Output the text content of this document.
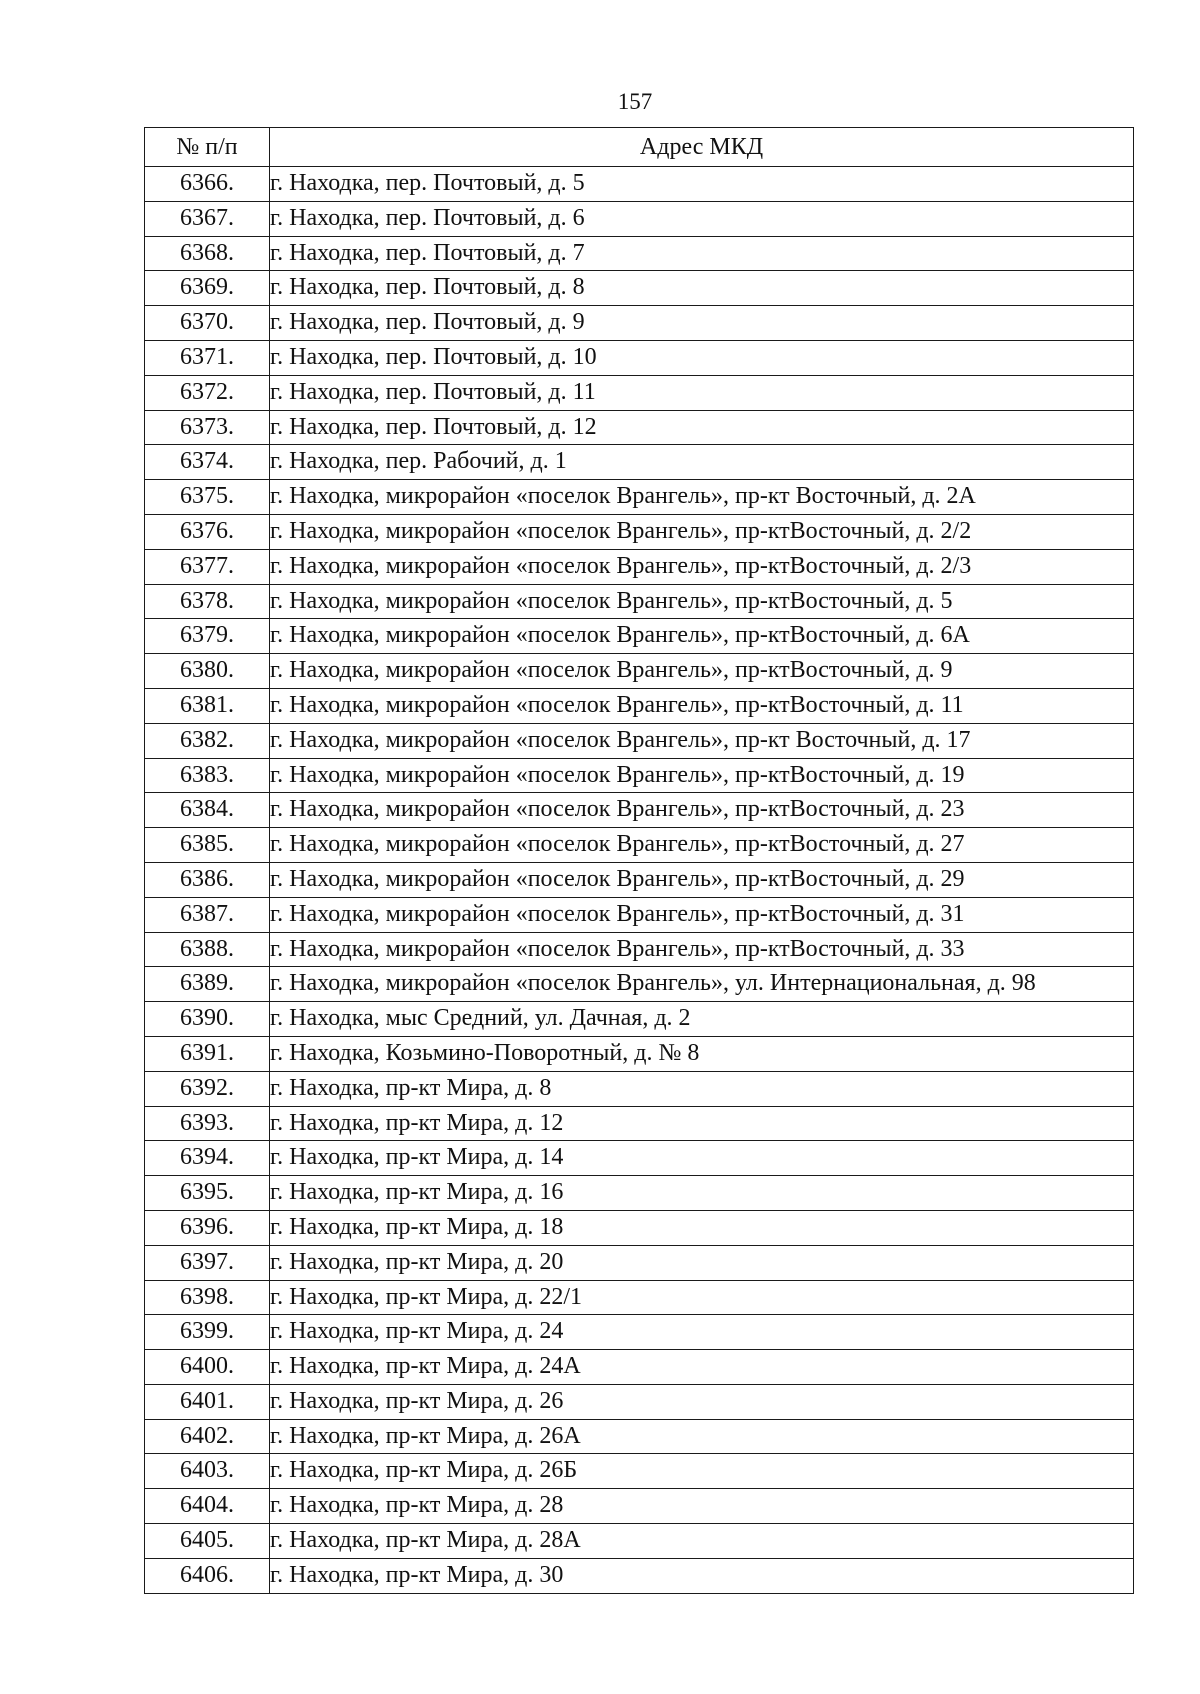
157
№ п/п	Адрес МКД
6366.	г. Находка, пер. Почтовый, д. 5
6367.	г. Находка, пер. Почтовый, д. 6
6368.	г. Находка, пер. Почтовый, д. 7
6369.	г. Находка, пер. Почтовый, д. 8
6370.	г. Находка, пер. Почтовый, д. 9
6371.	г. Находка, пер. Почтовый, д. 10
6372.	г. Находка, пер. Почтовый, д. 11
6373.	г. Находка, пер. Почтовый, д. 12
6374.	г. Находка, пер. Рабочий, д. 1
6375.	г. Находка, микрорайон «поселок Врангель», пр-кт Восточный, д. 2А
6376.	г. Находка, микрорайон «поселок Врангель», пр-ктВосточный, д. 2/2
6377.	г. Находка, микрорайон «поселок Врангель», пр-ктВосточный, д. 2/3
6378.	г. Находка, микрорайон «поселок Врангель», пр-ктВосточный, д. 5
6379.	г. Находка, микрорайон «поселок Врангель», пр-ктВосточный, д. 6А
6380.	г. Находка, микрорайон «поселок Врангель», пр-ктВосточный, д. 9
6381.	г. Находка, микрорайон «поселок Врангель», пр-ктВосточный, д. 11
6382.	г. Находка, микрорайон «поселок Врангель», пр-кт Восточный, д. 17
6383.	г. Находка, микрорайон «поселок Врангель», пр-ктВосточный, д. 19
6384.	г. Находка, микрорайон «поселок Врангель», пр-ктВосточный, д. 23
6385.	г. Находка, микрорайон «поселок Врангель», пр-ктВосточный, д. 27
6386.	г. Находка, микрорайон «поселок Врангель», пр-ктВосточный, д. 29
6387.	г. Находка, микрорайон «поселок Врангель», пр-ктВосточный, д. 31
6388.	г. Находка, микрорайон «поселок Врангель», пр-ктВосточный, д. 33
6389.	г. Находка, микрорайон «поселок Врангель», ул. Интернациональная, д. 98
6390.	г. Находка, мыс Средний, ул. Дачная, д. 2
6391.	г. Находка, Козьмино-Поворотный, д. № 8
6392.	г. Находка, пр-кт Мира, д. 8
6393.	г. Находка, пр-кт Мира, д. 12
6394.	г. Находка, пр-кт Мира, д. 14
6395.	г. Находка, пр-кт Мира, д. 16
6396.	г. Находка, пр-кт Мира, д. 18
6397.	г. Находка, пр-кт Мира, д. 20
6398.	г. Находка, пр-кт Мира, д. 22/1
6399.	г. Находка, пр-кт Мира, д. 24
6400.	г. Находка, пр-кт Мира, д. 24А
6401.	г. Находка, пр-кт Мира, д. 26
6402.	г. Находка, пр-кт Мира, д. 26А
6403.	г. Находка, пр-кт Мира, д. 26Б
6404.	г. Находка, пр-кт Мира, д. 28
6405.	г. Находка, пр-кт Мира, д. 28А
6406.	г. Находка, пр-кт Мира, д. 30
